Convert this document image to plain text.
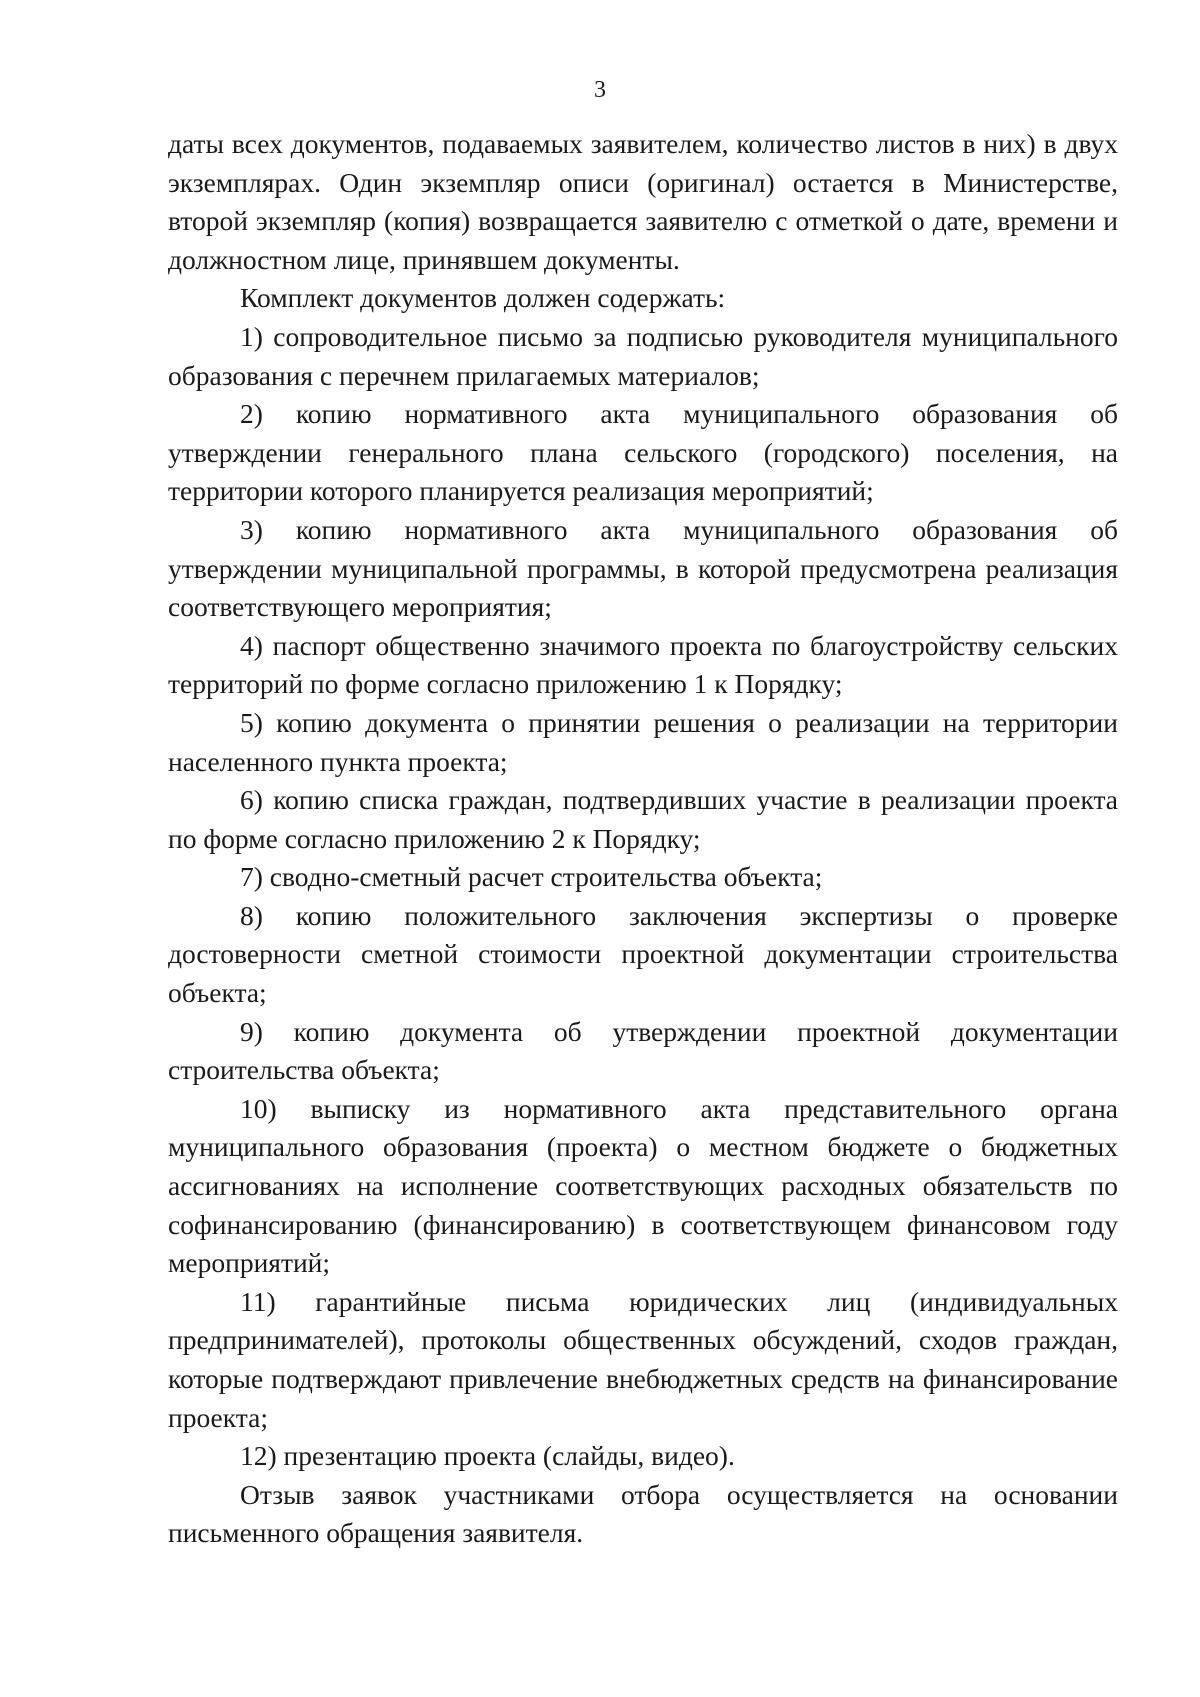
3

даты всех документов, подаваемых заявителем, количество листов в них) в двух экземплярах. Один экземпляр описи (оригинал) остается в Министерстве, второй экземпляр (копия) возвращается заявителю с отметкой о дате, времени и должностном лице, принявшем документы.

Комплект документов должен содержать:

1) сопроводительное письмо за подписью руководителя муниципального образования с перечнем прилагаемых материалов;

2) копию нормативного акта муниципального образования об утверждении генерального плана сельского (городского) поселения, на территории которого планируется реализация мероприятий;

3) копию нормативного акта муниципального образования об утверждении муниципальной программы, в которой предусмотрена реализация соответствующего мероприятия;

4) паспорт общественно значимого проекта по благоустройству сельских территорий по форме согласно приложению 1 к Порядку;

5) копию документа о принятии решения о реализации на территории населенного пункта проекта;

6) копию списка граждан, подтвердивших участие в реализации проекта по форме согласно приложению 2 к Порядку;

7) сводно-сметный расчет строительства объекта;

8) копию положительного заключения экспертизы о проверке достоверности сметной стоимости проектной документации строительства объекта;

9) копию документа об утверждении проектной документации строительства объекта;

10) выписку из нормативного акта представительного органа муниципального образования (проекта) о местном бюджете о бюджетных ассигнованиях на исполнение соответствующих расходных обязательств по софинансированию (финансированию) в соответствующем финансовом году мероприятий;

11) гарантийные письма юридических лиц (индивидуальных предпринимателей), протоколы общественных обсуждений, сходов граждан, которые подтверждают привлечение внебюджетных средств на финансирование проекта;

12) презентацию проекта (слайды, видео).

Отзыв заявок участниками отбора осуществляется на основании письменного обращения заявителя.
